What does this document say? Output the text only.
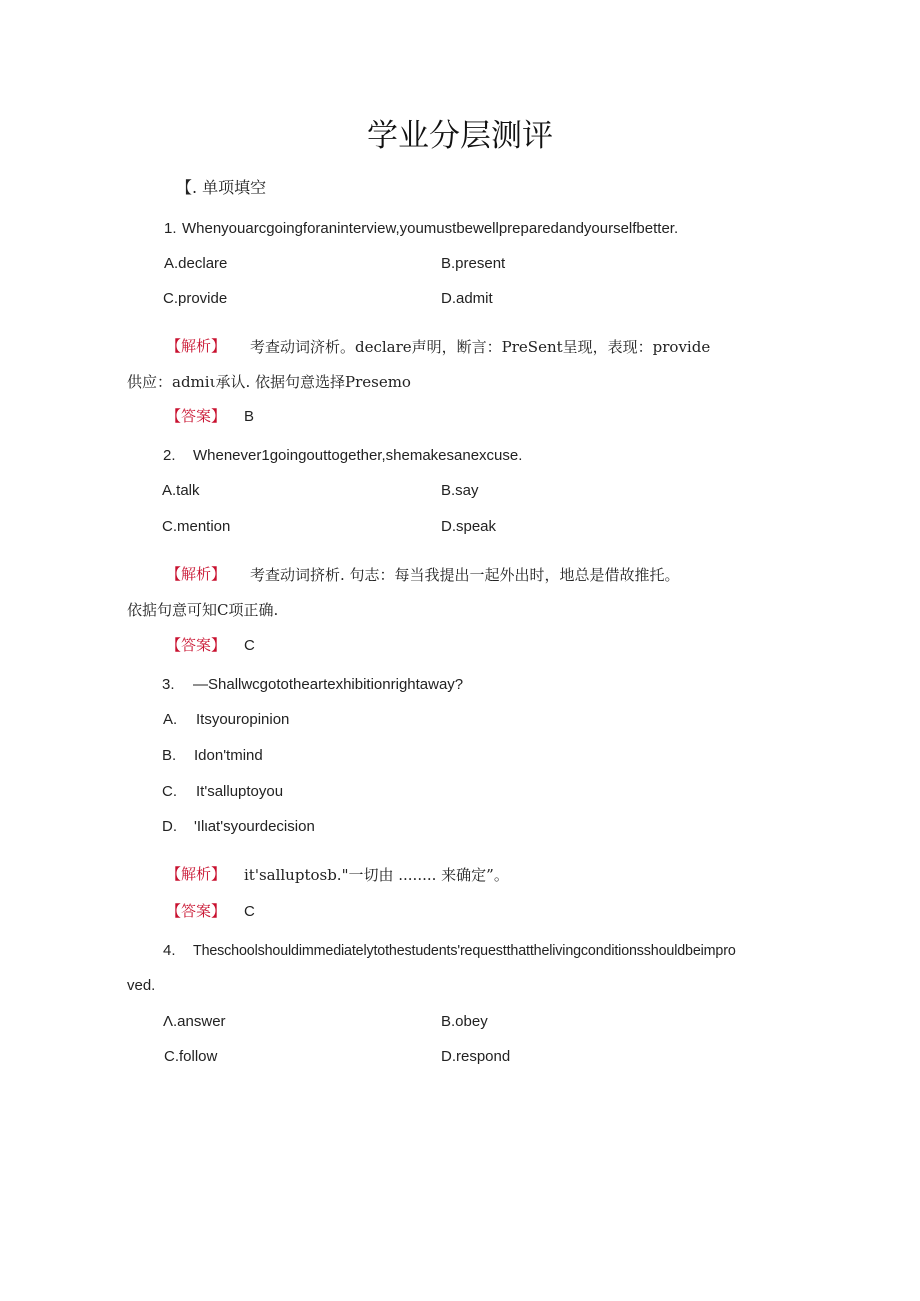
学业分层测评
【. 单项填空
1. Whenyouarcgoingforaninterview,youmustbewellpreparedandyourselfbetter.
A.declare	B.present
C.provide	D.admit
【解析】 考查动词济析。declare声明，断言：PreSent呈现，表现：provide
供应：admiι承认. 依据句意选择Presemo
【答案】 B
2. Whenever1goingouttogether,shemakesanexcuse.
A.talk	B.say
C.mention	D.speak
【解析】 考查动词挤析. 句志：每当我提出一起外出时，地总是借故推托。
依掂句意可知C项正确.
【答案】 C
3. —Shallwcgototheartexhibitionrightaway?
A. Itsyouropinion
B. Idon'tmind
C. It'salluptoyou
D. 'Ilιat'syourdecision
【解析】 it'salluptosb."一切由 ........ 来确定”。
【答案】 C
4. Theschoolshouldimmediatelytothestudents'requestthatthelivingconditionsshouldbeimpro
ved.
Λ.answer	B.obey
C.follow	D.respond
